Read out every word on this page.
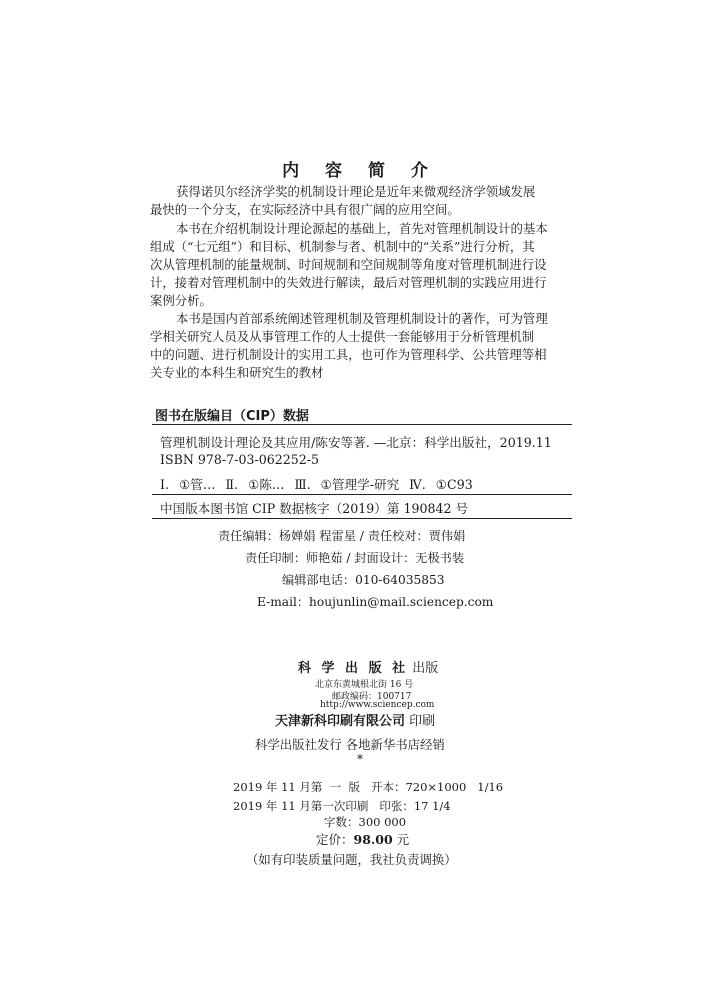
内 容 简 介
获得诺贝尔经济学奖的机制设计理论是近年来微观经济学领域发展
最快的一个分支，在实际经济中具有很广阔的应用空间。
本书在介绍机制设计理论源起的基础上，首先对管理机制设计的基本
组成（“七元组”）和目标、机制参与者、机制中的“关系”进行分析，其
次从管理机制的能量规制、时间规制和空间规制等角度对管理机制进行设
计，接着对管理机制中的失效进行解读，最后对管理机制的实践应用进行
案例分析。
本书是国内首部系统阐述管理机制及管理机制设计的著作，可为管理
学相关研究人员及从事管理工作的人士提供一套能够用于分析管理机制
中的问题、进行机制设计的实用工具，也可作为管理科学、公共管理等相
关专业的本科生和研究生的教材
图书在版编目（CIP）数据
管理机制设计理论及其应用/陈安等著. —北京：科学出版社，2019.11
ISBN 978-7-03-062252-5
Ⅰ. ①管… Ⅱ. ①陈… Ⅲ. ①管理学-研究 Ⅳ. ①C93
中国版本图书馆 CIP 数据核字（2019）第 190842 号
责任编辑：杨婵娟 程雷星 / 责任校对：贾伟娟
责任印制：师艳茹 / 封面设计：无极书装
编辑部电话：010-64035853
E-mail：houjunlin@mail.sciencep.com
科 学 出 版 社 出版
北京东黄城根北街 16 号
邮政编码：100717
http://www.sciencep.com
天津新科印刷有限公司 印刷
科学出版社发行 各地新华书店经销
*
2019 年 11 月第  一  版   开本：720×1000   1/16
2019 年 11 月第一次印刷   印张：17 1/4
字数：300 000
定价：98.00 元
（如有印装质量问题，我社负责调换）
